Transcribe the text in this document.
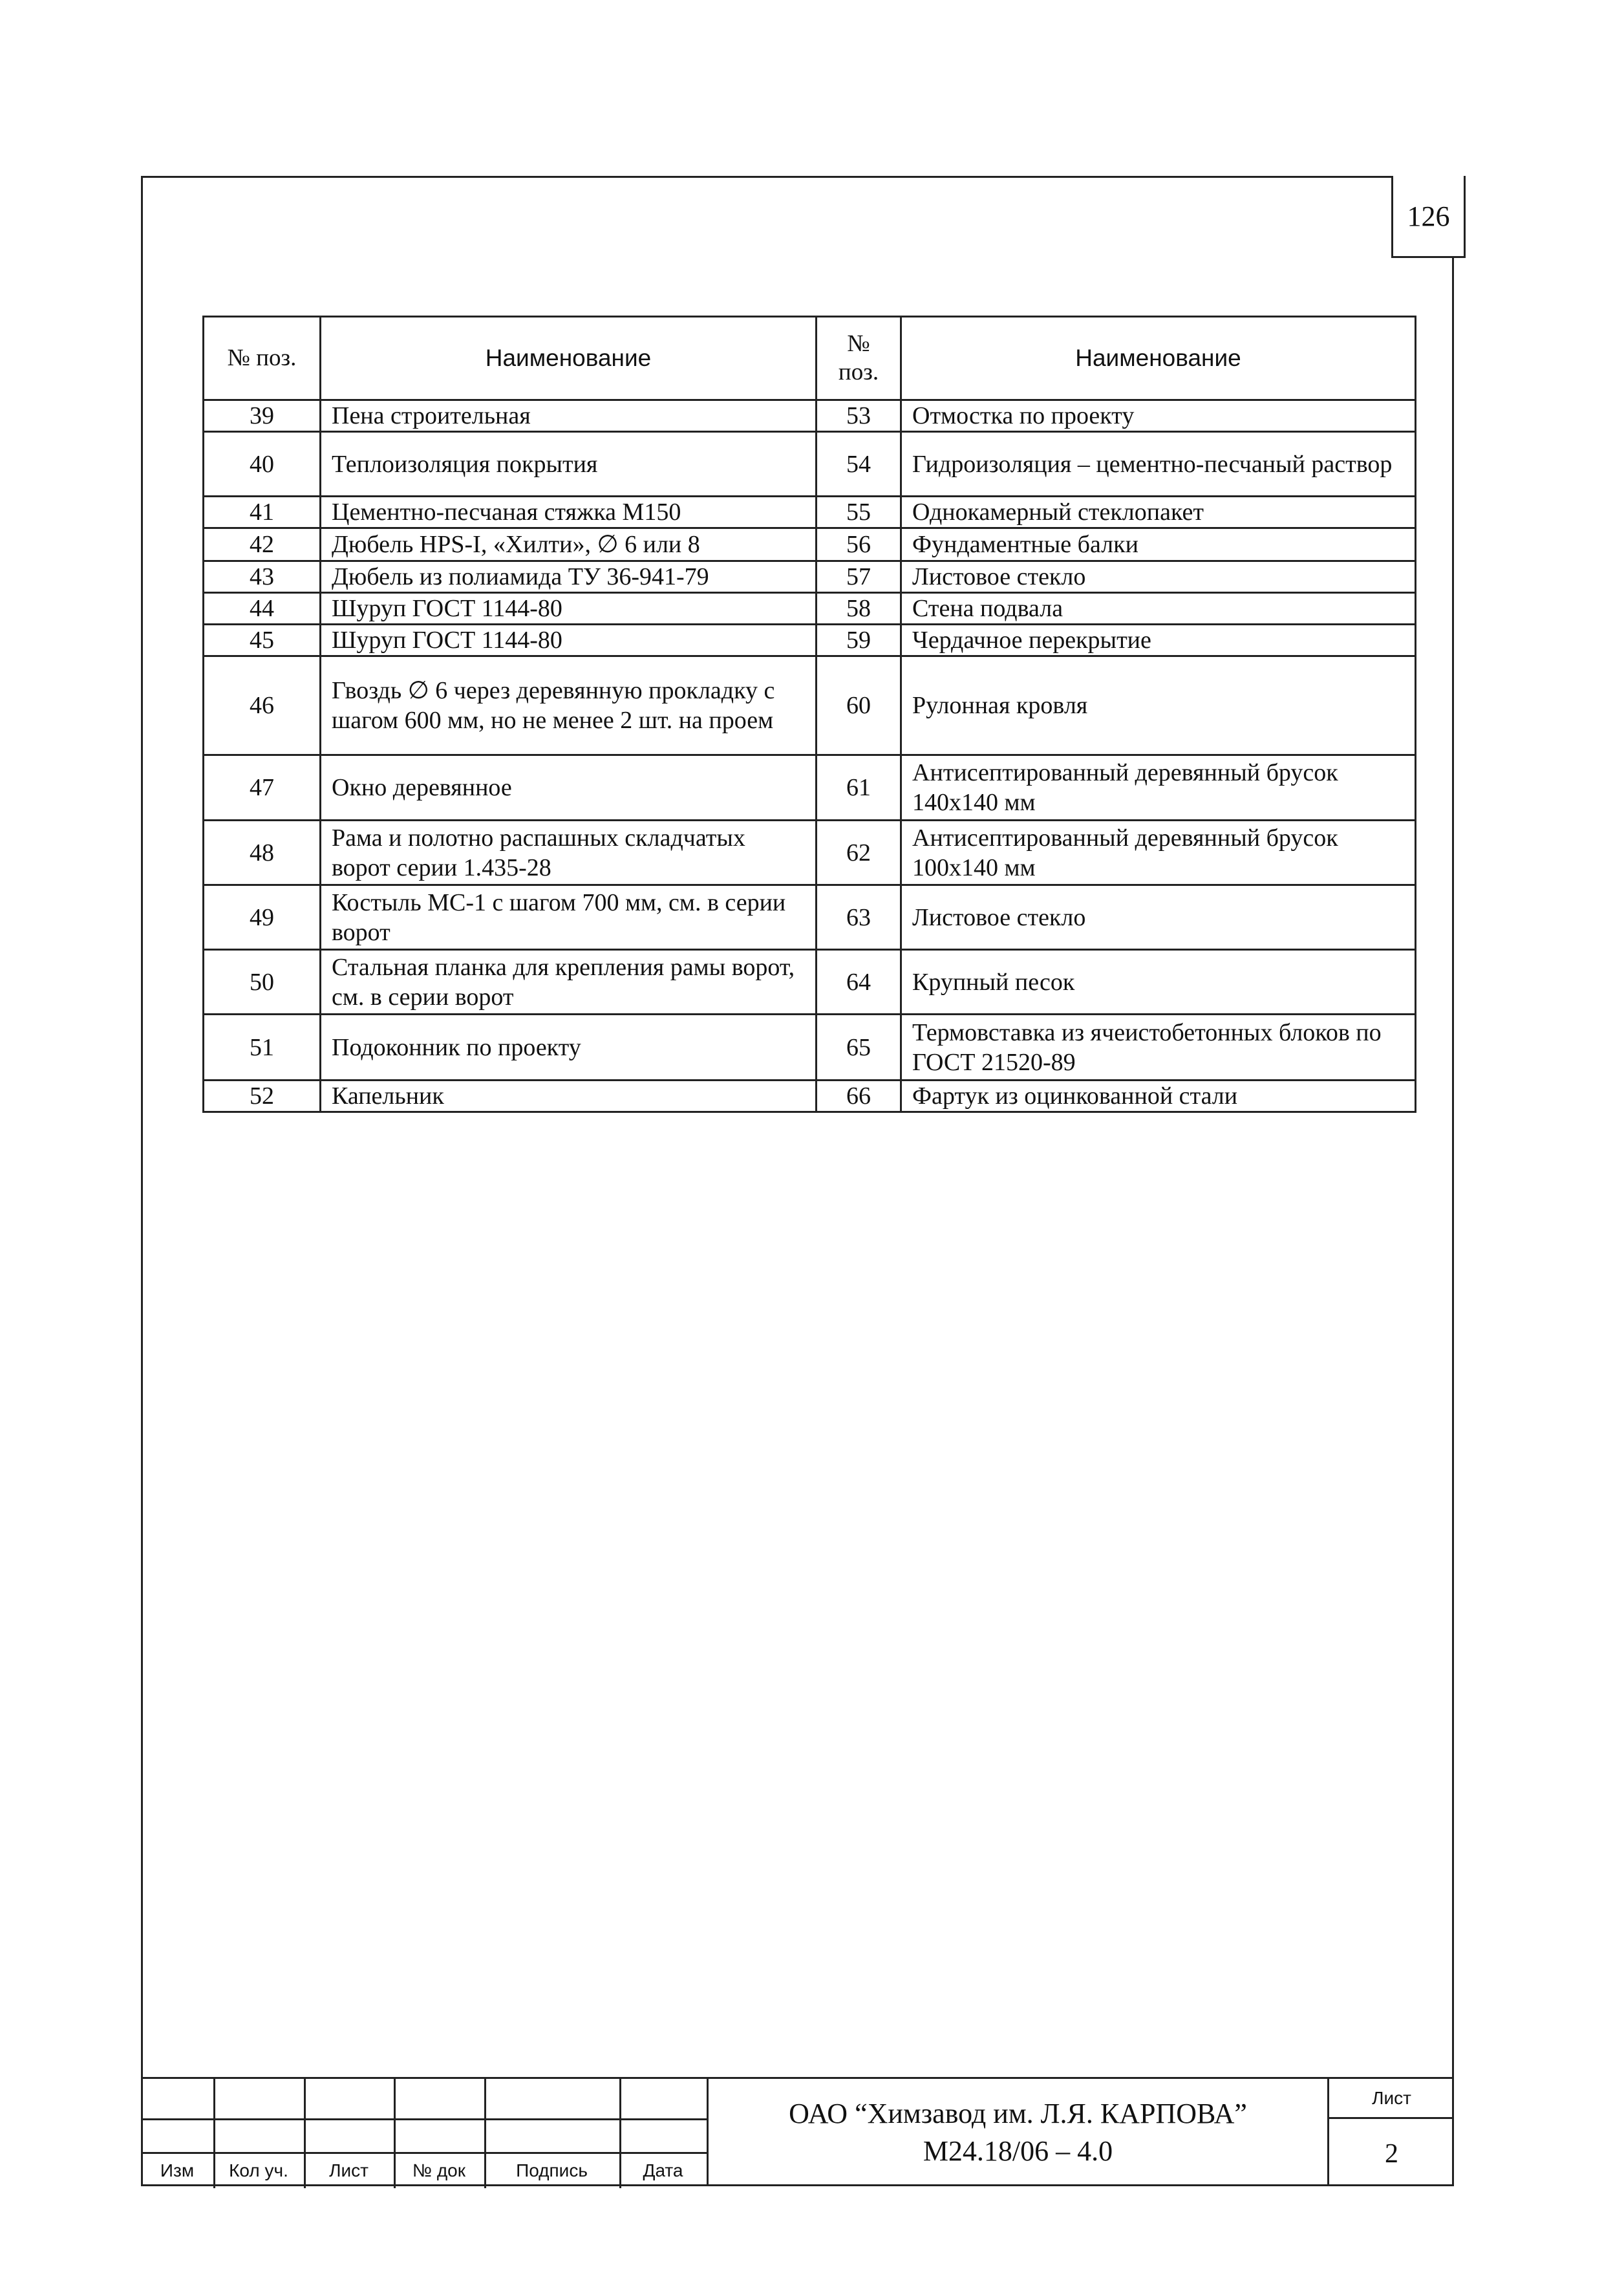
126
№ поз.	Наименование	№ поз.	Наименование
39	Пена строительная	53	Отмостка по проекту
40	Теплоизоляция покрытия	54	Гидроизоляция – цементно-песчаный раствор
41	Цементно-песчаная стяжка М150	55	Однокамерный стеклопакет
42	Дюбель HPS-I, «Хилти», ∅ 6 или 8	56	Фундаментные балки
43	Дюбель из полиамида ТУ 36-941-79	57	Листовое стекло
44	Шуруп ГОСТ 1144-80	58	Стена подвала
45	Шуруп ГОСТ 1144-80	59	Чердачное перекрытие
46	Гвоздь ∅ 6 через деревянную прокладку с шагом 600 мм, но не менее 2 шт. на проем	60	Рулонная кровля
47	Окно деревянное	61	Антисептированный деревянный брусок 140x140 мм
48	Рама и полотно распашных складчатых ворот серии 1.435-28	62	Антисептированный деревянный брусок 100x140 мм
49	Костыль МС-1 с шагом 700 мм, см. в серии ворот	63	Листовое стекло
50	Стальная планка для крепления рамы ворот, см. в серии ворот	64	Крупный песок
51	Подоконник по проекту	65	Термовставка из ячеистобетонных блоков по ГОСТ 21520-89
52	Капельник	66	Фартук из оцинкованной стали
Изм	Кол уч.	Лист	№ док	Подпись	Дата
ОАО “Химзавод им. Л.Я. КАРПОВА”
М24.18/06 – 4.0
Лист
2
